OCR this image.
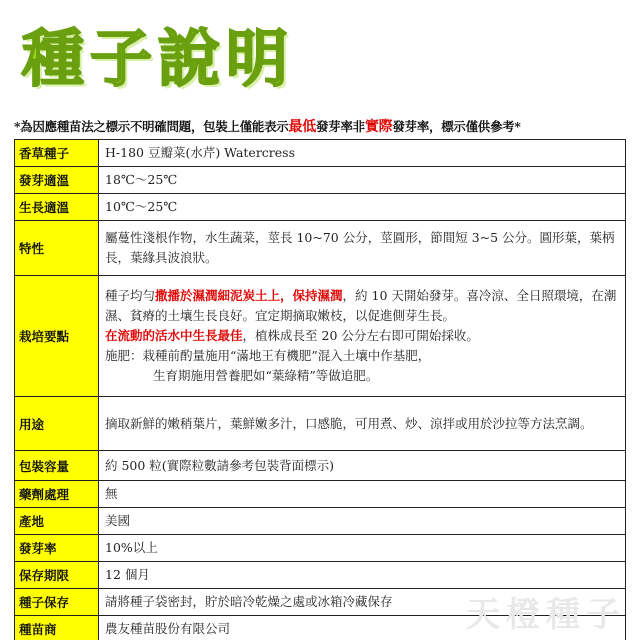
種子說明
*為因應種苗法之標示不明確問題，包裝上僅能表示最低發芽率非實際發芽率，標示僅供參考*
香草種子	H-180 豆瓣菜(水芹) Watercress
發芽適溫	18℃～25℃
生長適溫	10℃～25℃
特性	屬蔓性淺根作物，水生蔬菜，莖長 10~70 公分，莖圓形，節間短 3~5 公分。圓形葉，葉柄長，葉緣具波浪狀。
栽培要點	種子均勻撒播於濕潤細泥炭土上，保持濕潤，約 10 天開始發芽。喜冷涼、全日照環境，在潮濕、貧瘠的土壤生長良好。宜定期摘取嫩枝，以促進側芽生長。
在流動的活水中生長最佳，植株成長至 20 公分左右即可開始採收。
施肥：栽種前酌量施用“滿地王有機肥”混入土壤中作基肥，
生育期施用營養肥如“葉綠精”等做追肥。

用途	摘取新鮮的嫩稍葉片，葉鮮嫩多汁，口感脆，可用煮、炒、涼拌或用於沙拉等方法烹調。
包裝容量	約 500 粒(實際粒數請參考包裝背面標示)
藥劑處理	無
產地	美國
發芽率	10%以上
保存期限	12 個月
種子保存	請將種子袋密封，貯於暗冷乾燥之處或冰箱冷藏保存
種苗商	農友種苗股份有限公司	天橙種子
